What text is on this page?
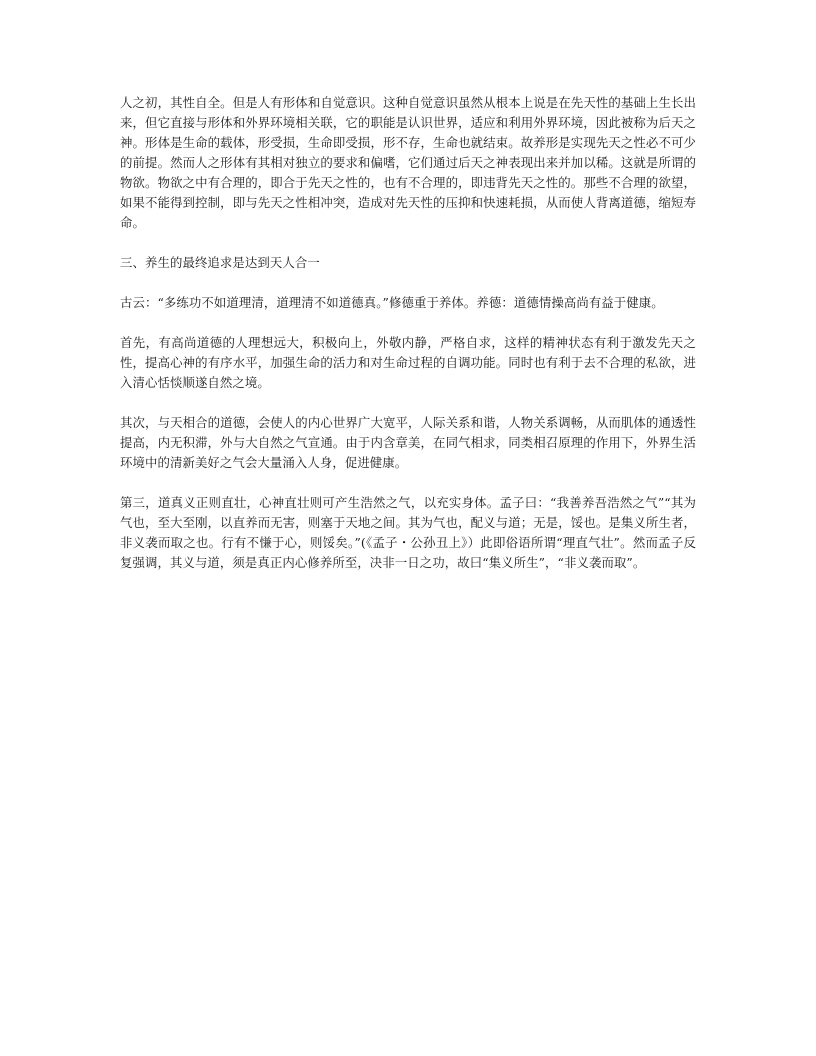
人之初，其性自全。但是人有形体和自觉意识。这种自觉意识虽然从根本上说是在先天性的基础上生长出来，但它直接与形体和外界环境相关联，它的职能是认识世界，适应和利用外界环境，因此被称为后天之神。形体是生命的载体，形受损，生命即受损，形不存，生命也就结束。故养形是实现先天之性必不可少的前提。然而人之形体有其相对独立的要求和偏嗜，它们通过后天之神表现出来并加以稀。这就是所谓的物欲。物欲之中有合理的，即合于先天之性的，也有不合理的，即违背先天之性的。那些不合理的欲望，如果不能得到控制，即与先天之性相冲突，造成对先天性的压抑和快速耗损，从而使人背离道德，缩短寿命。

三、养生的最终追求是达到天人合一

古云：“多练功不如道理清，道理清不如道德真。”修德重于养体。养德：道德情操高尚有益于健康。

首先，有高尚道德的人理想远大，积极向上，外敬内静，严格自求，这样的精神状态有利于激发先天之性，提高心神的有序水平，加强生命的活力和对生命过程的自调功能。同时也有利于去不合理的私欲，进入清心恬惔顺遂自然之境。

其次，与天相合的道德，会使人的内心世界广大宽平，人际关系和谐，人物关系调畅，从而肌体的通透性提高，内无积滞，外与大自然之气宣通。由于内含章美，在同气相求，同类相召原理的作用下，外界生活环境中的清新美好之气会大量涌入人身，促进健康。

第三，道真义正则直壮，心神直壮则可产生浩然之气，以充实身体。孟子曰：“我善养吾浩然之气”“其为气也，至大至刚，以直养而无害，则塞于天地之间。其为气也，配义与道；无是，馁也。是集义所生者，非义袭而取之也。行有不慊于心，则馁矣。”(《孟子・公孙丑上》）此即俗语所谓“理直气壮”。然而孟子反复强调，其义与道，须是真正内心修养所至，决非一日之功，故曰“集义所生”，“非义袭而取”。
